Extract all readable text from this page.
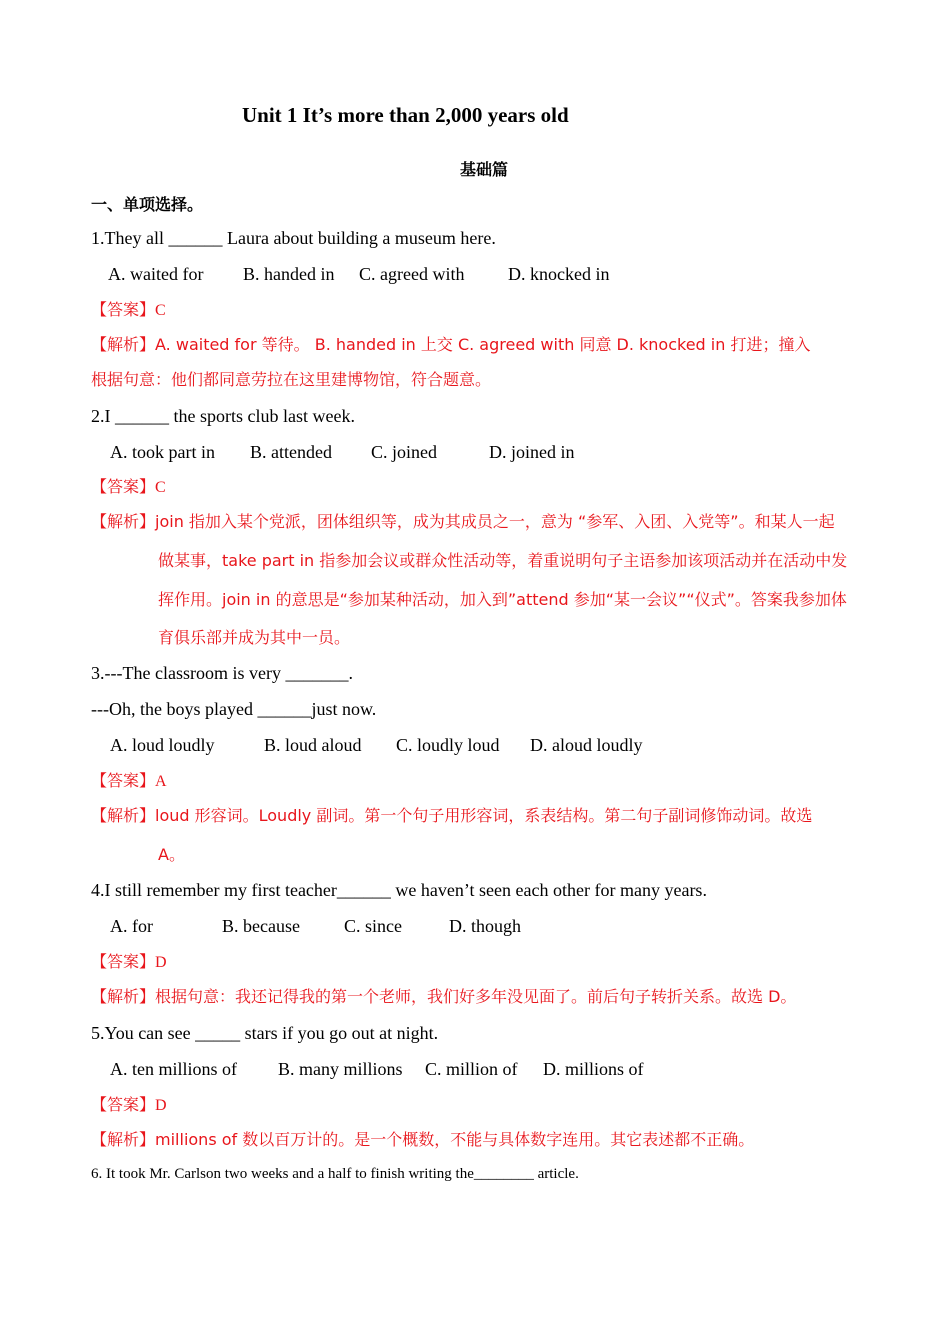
Unit 1 It’s more than 2,000 years old
基础篇
一、单项选择。
1.They all ______ Laura about building a museum here.
A. waited for B. handed in C. agreed with D. knocked in
【答案】C
【解析】A. waited for 等待。 B. handed in 上交 C. agreed with 同意 D. knocked in 打进；撞入
根据句意：他们都同意劳拉在这里建博物馆，符合题意。
2.I ______ the sports club last week.
A. took part in B. attended C. joined	D. joined in
【答案】C
【解析】join 指加入某个党派，团体组织等，成为其成员之一，意为 “参军、入团、入党等”。和某人一起
做某事，take part in 指参加会议或群众性活动等，着重说明句子主语参加该项活动并在活动中发
挥作用。join in 的意思是“参加某种活动，加入到”attend 参加“某一会议”“仪式”。答案我参加体
育俱乐部并成为其中一员。
3.---The classroom is very _______.
---Oh, the boys played ______just now.
A. loud loudly	B. loud aloud C. loudly loud D. aloud loudly
【答案】A
【解析】loud 形容词。Loudly 副词。第一个句子用形容词，系表结构。第二句子副词修饰动词。故选
A。
4.I still remember my first teacher______ we haven’t seen each other for many years.
A. for	B. because C. since	D. though
【答案】D
【解析】根据句意：我还记得我的第一个老师，我们好多年没见面了。前后句子转折关系。故选 D。
5.You can see _____ stars if you go out at night.
A. ten millions of B. many millions C. million of D. millions of
【答案】D
【解析】millions of 数以百万计的。是一个概数，不能与具体数字连用。其它表述都不正确。
6. It took Mr. Carlson two weeks and a half to finish writing the________ article.
